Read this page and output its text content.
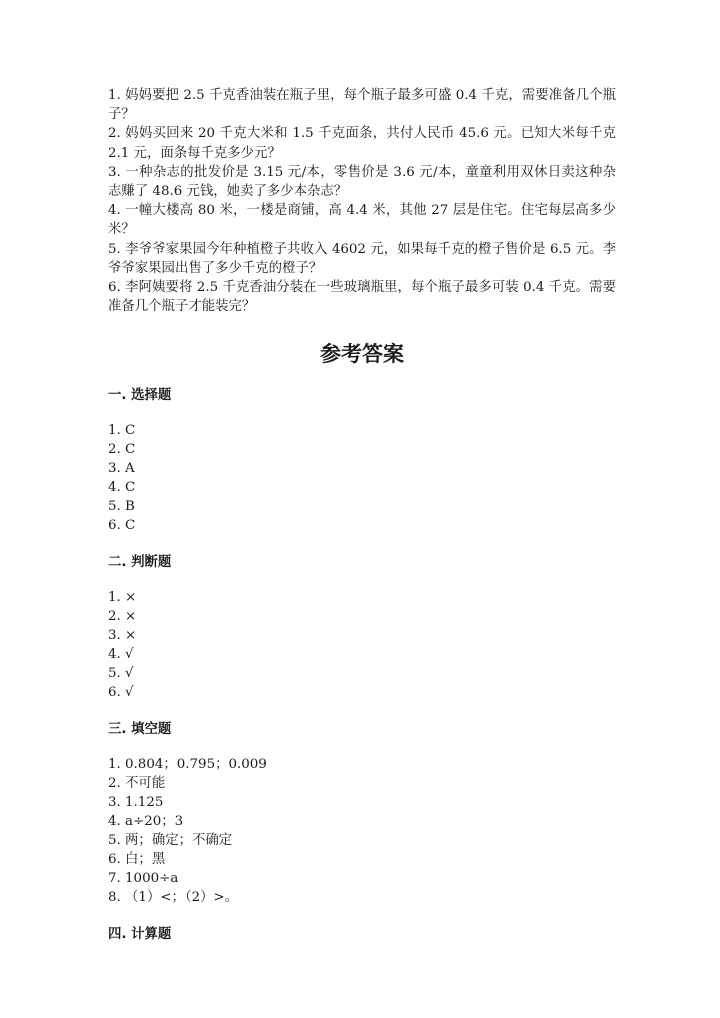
1. 妈妈要把 2.5 千克香油装在瓶子里，每个瓶子最多可盛 0.4 千克，需要准备几个瓶子？

2. 妈妈买回来 20 千克大米和 1.5 千克面条，共付人民币 45.6 元。已知大米每千克 2.1 元，面条每千克多少元？

3. 一种杂志的批发价是 3.15 元/本，零售价是 3.6 元/本，童童利用双休日卖这种杂志赚了 48.6 元钱，她卖了多少本杂志？

4. 一幢大楼高 80 米，一楼是商铺，高 4.4 米，其他 27 层是住宅。住宅每层高多少米？

5. 李爷爷家果园今年种植橙子共收入 4602 元，如果每千克的橙子售价是 6.5 元。李爷爷家果园出售了多少千克的橙子？

6. 李阿姨要将 2.5 千克香油分装在一些玻璃瓶里，每个瓶子最多可装 0.4 千克。需要准备几个瓶子才能装完？

参考答案
一. 选择题

1. C

2. C

3. A

4. C

5. B

6. C

二. 判断题

1. ×

2. ×

3. ×

4. √

5. √

6. √

三. 填空题

1. 0.804；0.795；0.009

2. 不可能

3. 1.125

4. a÷20；3

5. 两；确定；不确定

6. 白；黑

7. 1000÷a

8. （1）<；（2）>。

四. 计算题
